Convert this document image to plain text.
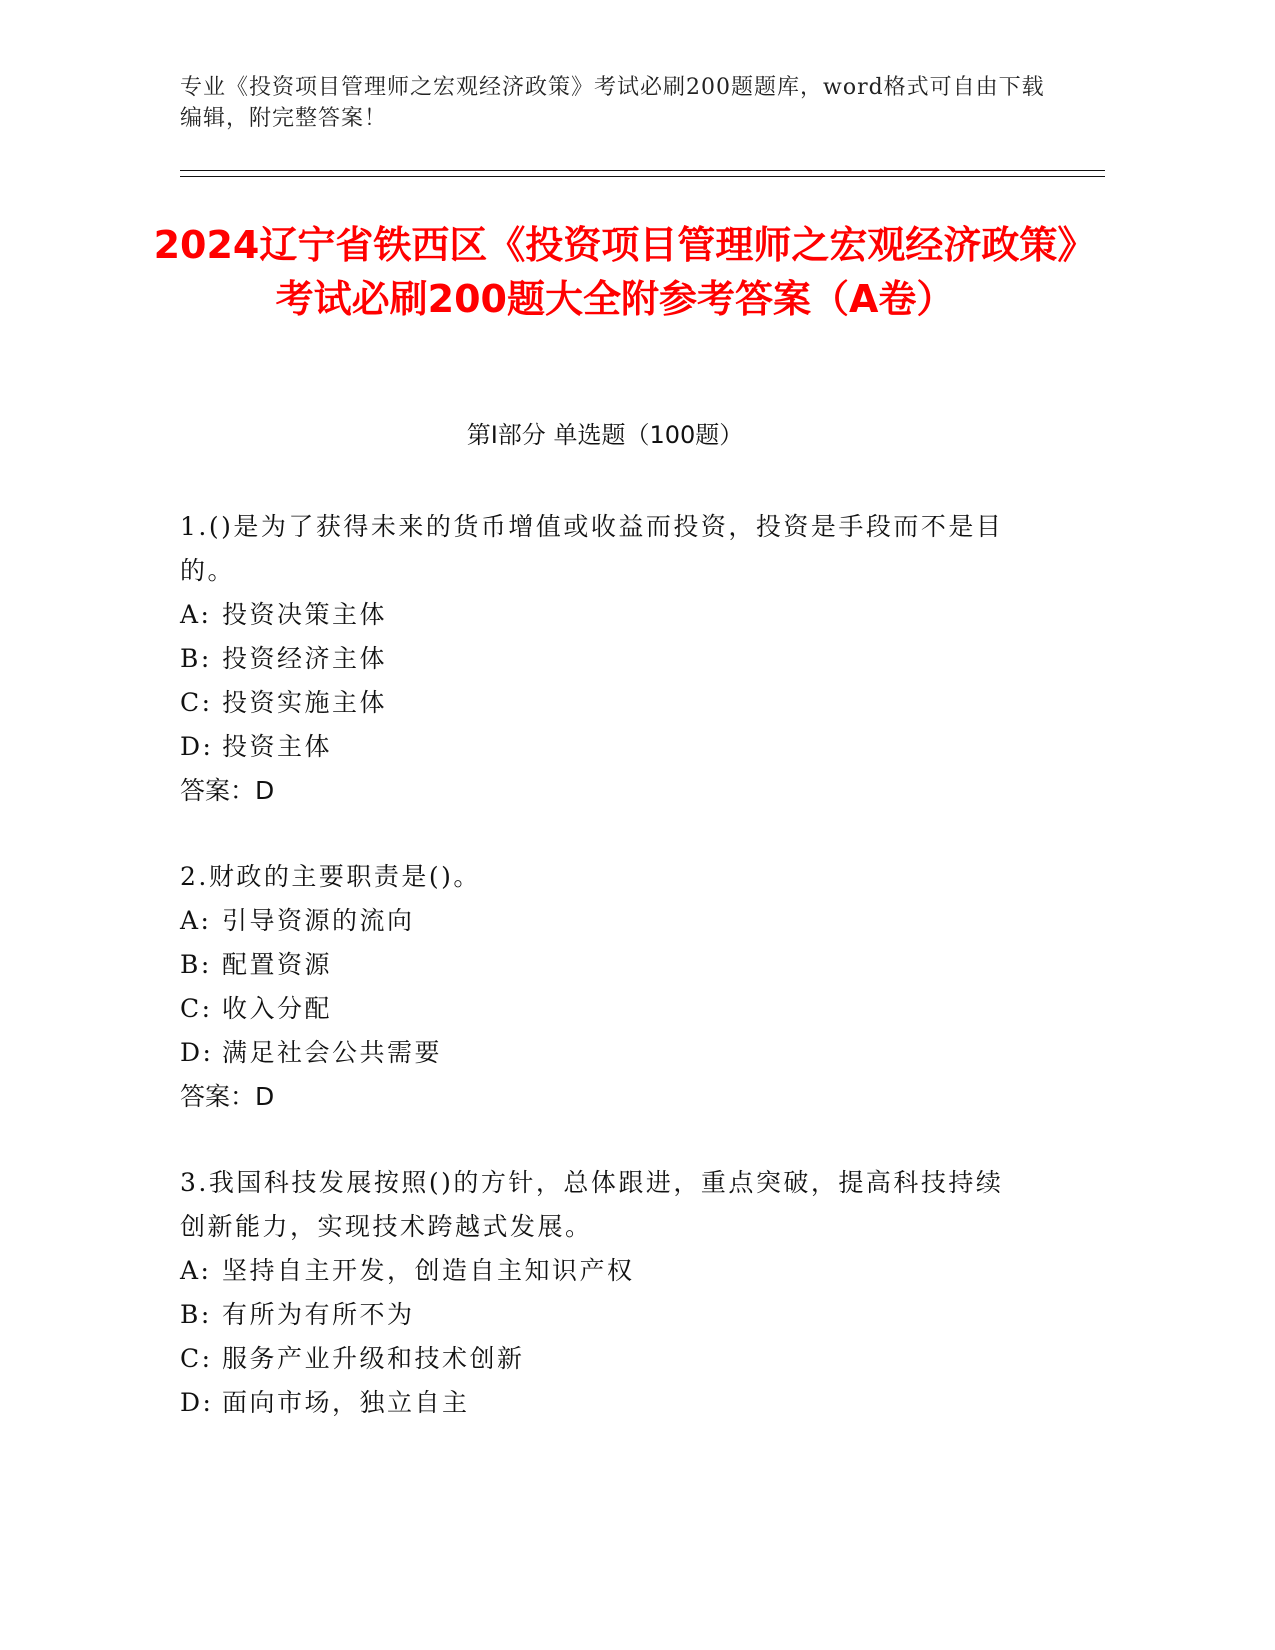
专业《投资项目管理师之宏观经济政策》考试必刷200题题库，word格式可自由下载编辑，附完整答案！
2024辽宁省铁西区《投资项目管理师之宏观经济政策》考试必刷200题大全附参考答案（A卷）
第Ⅰ部分 单选题（100题）
1.()是为了获得未来的货币增值或收益而投资，投资是手段而不是目的。
A: 投资决策主体
B: 投资经济主体
C: 投资实施主体
D: 投资主体
答案：D
2.财政的主要职责是()。
A: 引导资源的流向
B: 配置资源
C: 收入分配
D: 满足社会公共需要
答案：D
3.我国科技发展按照()的方针，总体跟进，重点突破，提高科技持续创新能力，实现技术跨越式发展。
A: 坚持自主开发，创造自主知识产权
B: 有所为有所不为
C: 服务产业升级和技术创新
D: 面向市场，独立自主
